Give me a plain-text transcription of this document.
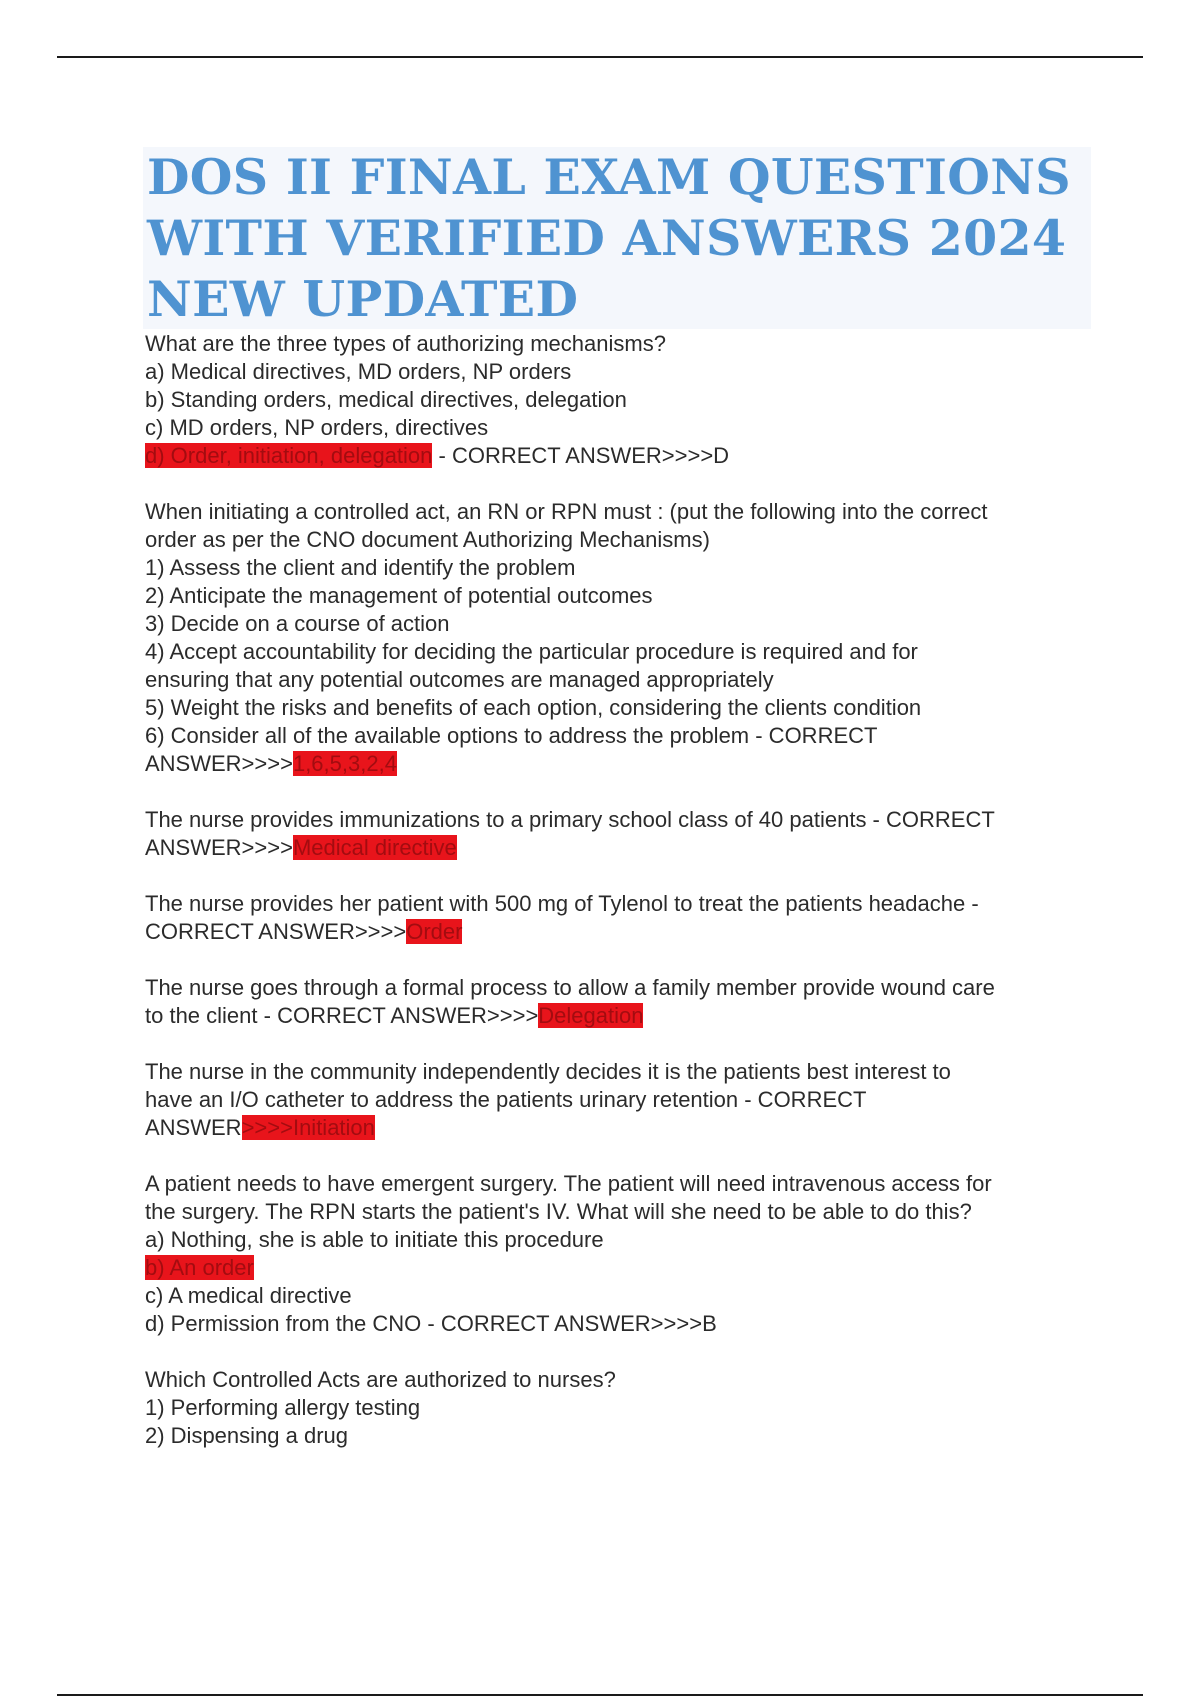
DOS II FINAL EXAM QUESTIONS
WITH VERIFIED ANSWERS 2024
NEW UPDATED
What are the three types of authorizing mechanisms?
a) Medical directives, MD orders, NP orders
b) Standing orders, medical directives, delegation
c) MD orders, NP orders, directives
d) Order, initiation, delegation - CORRECT ANSWER>>>>D
When initiating a controlled act, an RN or RPN must : (put the following into the correct
order as per the CNO document Authorizing Mechanisms)
1) Assess the client and identify the problem
2) Anticipate the management of potential outcomes
3) Decide on a course of action
4) Accept accountability for deciding the particular procedure is required and for
ensuring that any potential outcomes are managed appropriately
5) Weight the risks and benefits of each option, considering the clients condition
6) Consider all of the available options to address the problem - CORRECT
ANSWER>>>>1,6,5,3,2,4
The nurse provides immunizations to a primary school class of 40 patients - CORRECT
ANSWER>>>>Medical directive
The nurse provides her patient with 500 mg of Tylenol to treat the patients headache -
CORRECT ANSWER>>>>Order
The nurse goes through a formal process to allow a family member provide wound care
to the client - CORRECT ANSWER>>>>Delegation
The nurse in the community independently decides it is the patients best interest to
have an I/O catheter to address the patients urinary retention - CORRECT
ANSWER>>>>Initiation
A patient needs to have emergent surgery. The patient will need intravenous access for
the surgery. The RPN starts the patient's IV. What will she need to be able to do this?
a) Nothing, she is able to initiate this procedure
b) An order
c) A medical directive
d) Permission from the CNO - CORRECT ANSWER>>>>B
Which Controlled Acts are authorized to nurses?
1) Performing allergy testing
2) Dispensing a drug
